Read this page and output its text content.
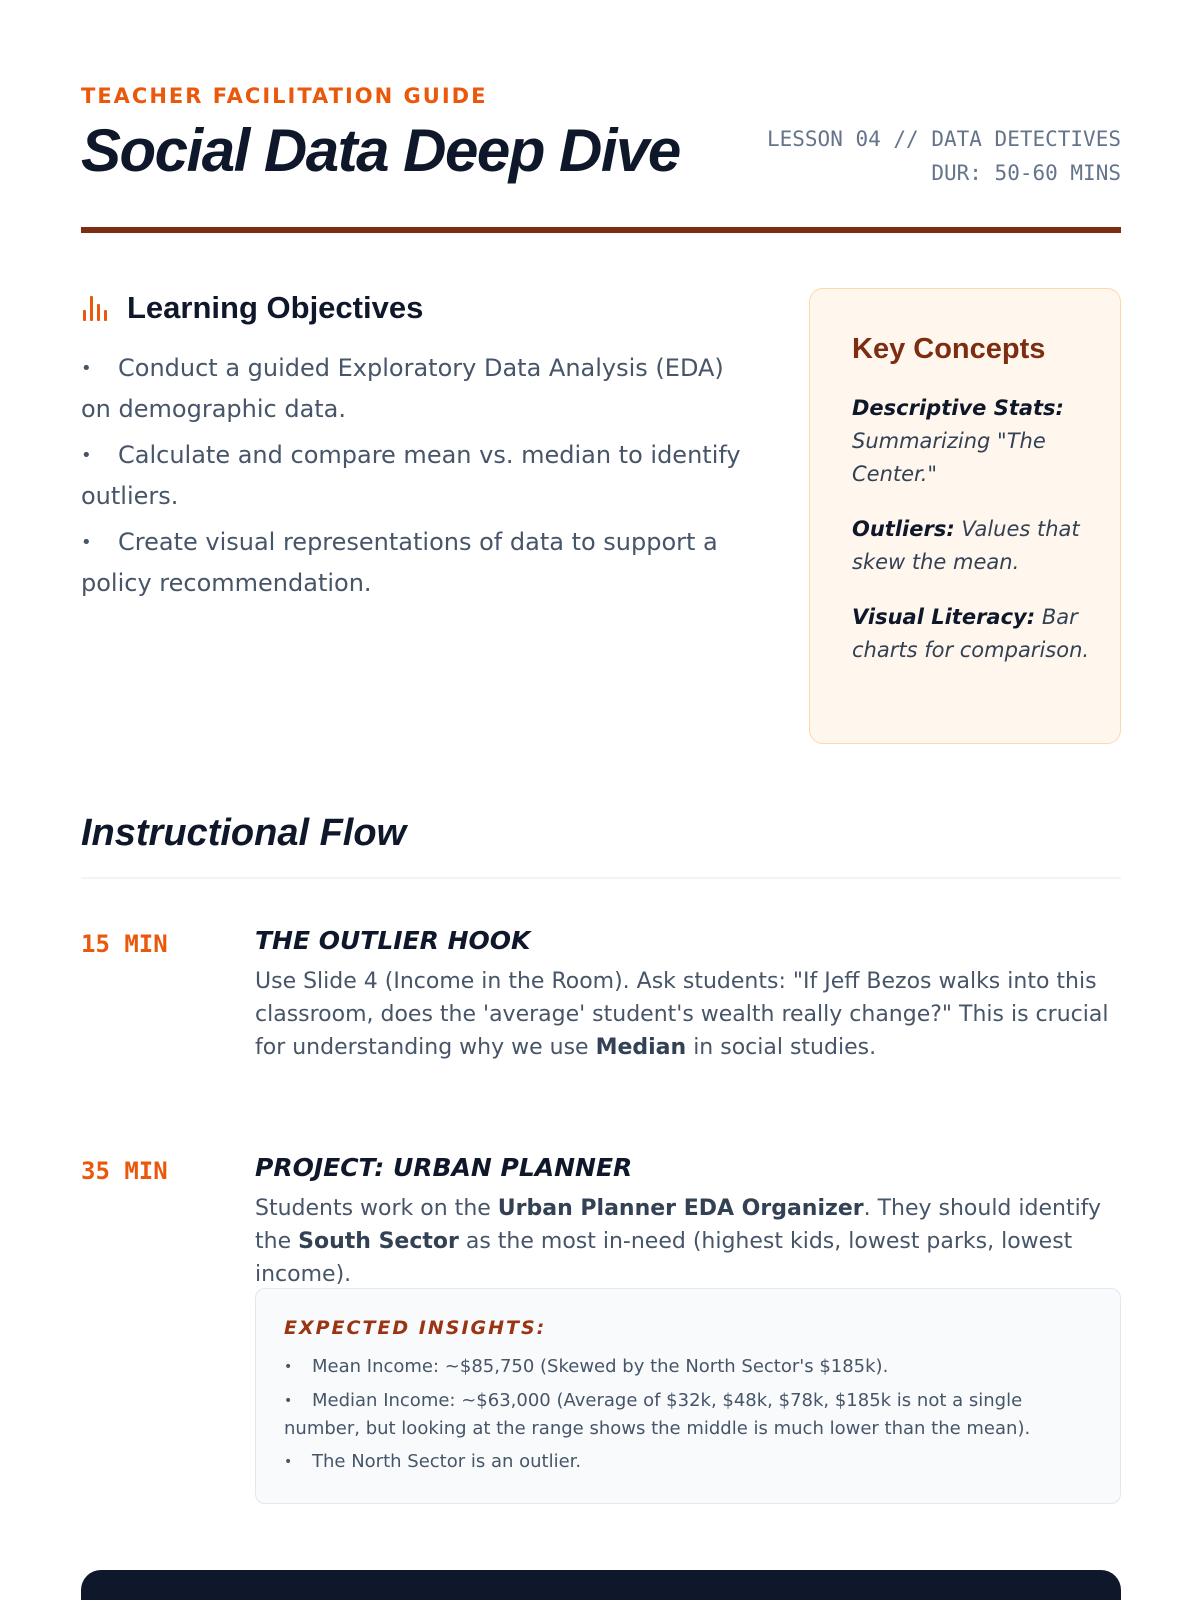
TEACHER FACILITATION GUIDE
Social Data Deep Dive	LESSON 04 // DATA DETECTIVES
DUR: 50-60 MINS
Learning Objectives
• Conduct a guided Exploratory Data Analysis (EDA) on demographic data.
• Calculate and compare mean vs. median to identify outliers.
• Create visual representations of data to support a policy recommendation.
Key Concepts

Descriptive Stats: Summarizing "The Center."

Outliers: Values that skew the mean.

Visual Literacy: Bar charts for comparison.

Instructional Flow
15 MIN	THE OUTLIER HOOK

Use Slide 4 (Income in the Room). Ask students: "If Jeff Bezos walks into this classroom, does the 'average' student's wealth really change?" This is crucial for understanding why we use Median in social studies.

35 MIN	PROJECT: URBAN PLANNER

Students work on the Urban Planner EDA Organizer. They should identify the South Sector as the most in-need (highest kids, lowest parks, lowest income).

EXPECTED INSIGHTS:
• Mean Income: ~$85,750 (Skewed by the North Sector's $185k).
• Median Income: ~$63,000 (Average of $32k, $48k, $78k, $185k is not a single number, but looking at the range shows the middle is much lower than the mean).
• The North Sector is an outlier.
